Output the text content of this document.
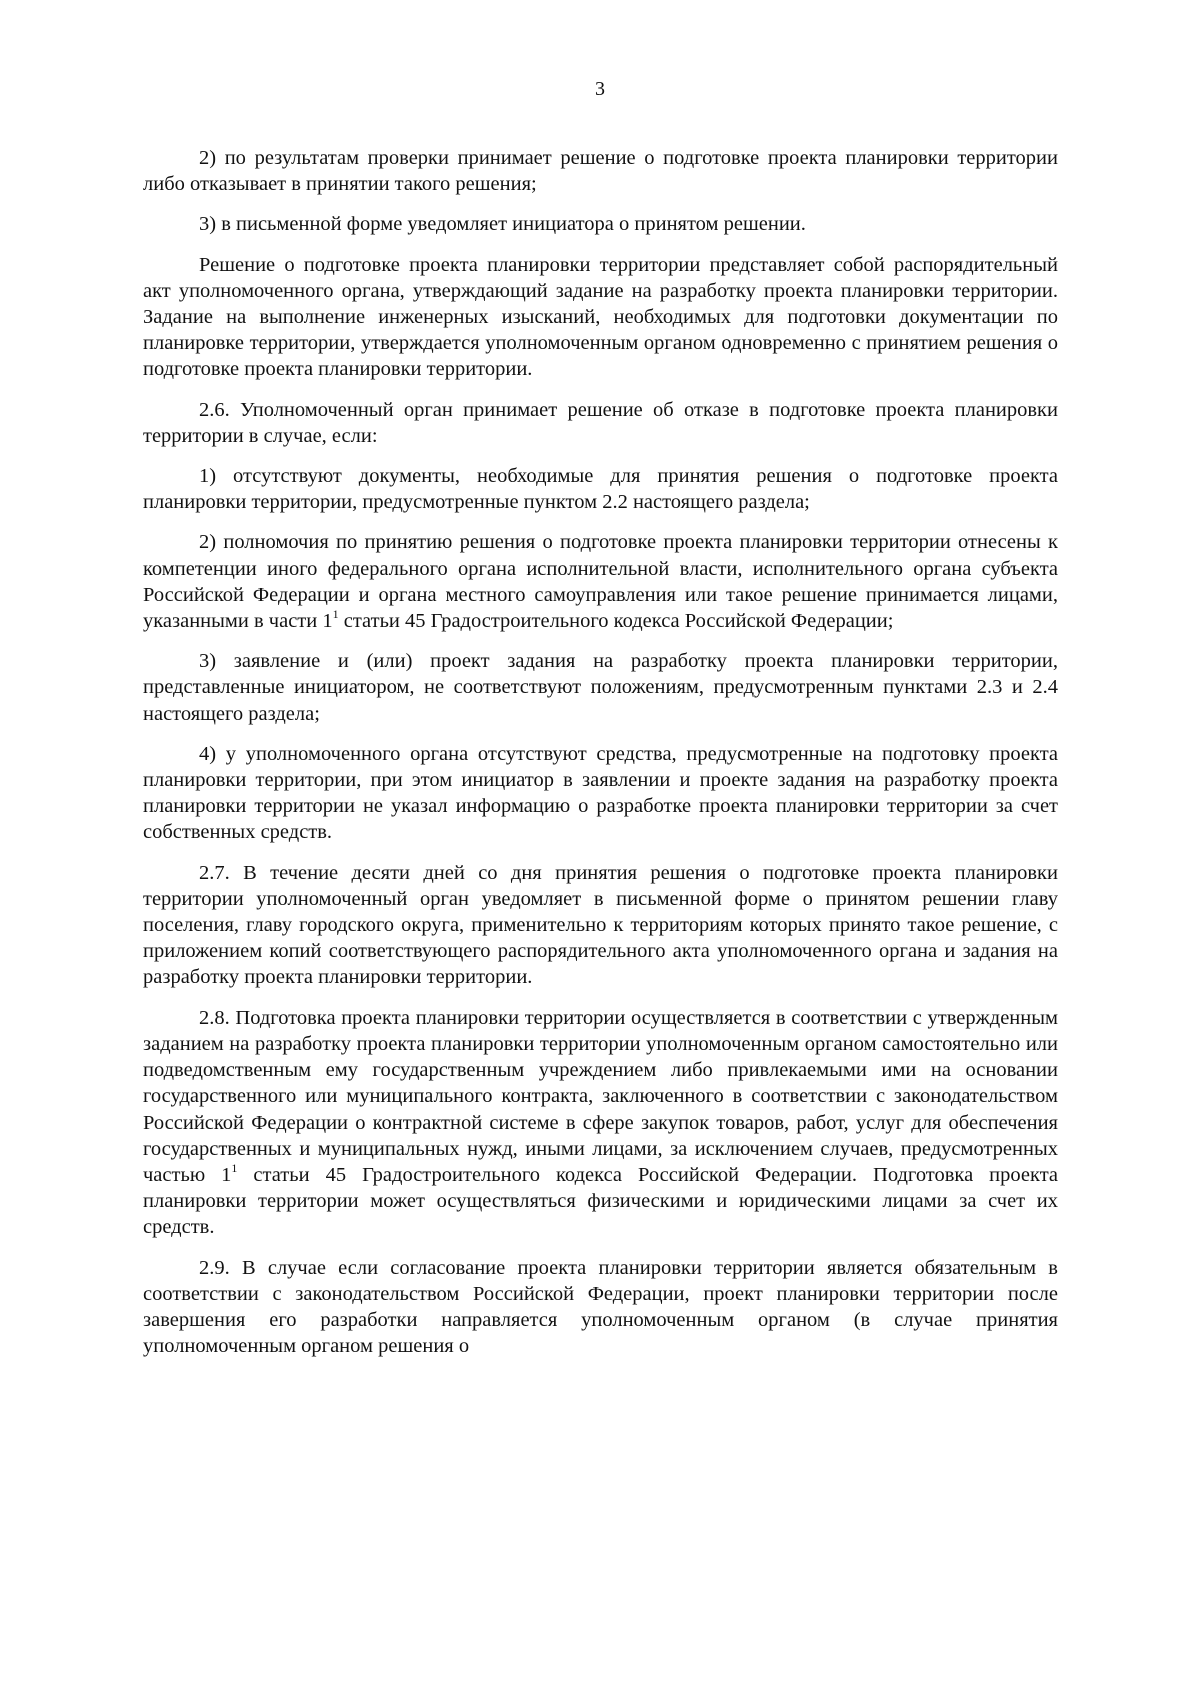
3

2) по результатам проверки принимает решение о подготовке проекта планировки территории либо отказывает в принятии такого решения;

3) в письменной форме уведомляет инициатора о принятом решении.

Решение о подготовке проекта планировки территории представляет собой распорядительный акт уполномоченного органа, утверждающий задание на разработку проекта планировки территории. Задание на выполнение инженерных изысканий, необходимых для подготовки документации по планировке территории, утверждается уполномоченным органом одновременно с принятием решения о подготовке проекта планировки территории.

2.6. Уполномоченный орган принимает решение об отказе в подготовке проекта планировки территории в случае, если:

1) отсутствуют документы, необходимые для принятия решения о подготовке проекта планировки территории, предусмотренные пунктом 2.2 настоящего раздела;

2) полномочия по принятию решения о подготовке проекта планировки территории отнесены к компетенции иного федерального органа исполнительной власти, исполнительного органа субъекта Российской Федерации и органа местного самоуправления или такое решение принимается лицами, указанными в части $1^1$ статьи 45 Градостроительного кодекса Российской Федерации;

3) заявление и (или) проект задания на разработку проекта планировки территории, представленные инициатором, не соответствуют положениям, предусмотренным пунктами 2.3 и 2.4 настоящего раздела;

4) у уполномоченного органа отсутствуют средства, предусмотренные на подготовку проекта планировки территории, при этом инициатор в заявлении и проекте задания на разработку проекта планировки территории не указал информацию о разработке проекта планировки территории за счет собственных средств.

2.7. В течение десяти дней со дня принятия решения о подготовке проекта планировки территории уполномоченный орган уведомляет в письменной форме о принятом решении главу поселения, главу городского округа, применительно к территориям которых принято такое решение, с приложением копий соответствующего распорядительного акта уполномоченного органа и задания на разработку проекта планировки территории.

2.8. Подготовка проекта планировки территории осуществляется в соответствии с утвержденным заданием на разработку проекта планировки территории уполномоченным органом самостоятельно или подведомственным ему государственным учреждением либо привлекаемыми ими на основании государственного или муниципального контракта, заключенного в соответствии с законодательством Российской Федерации о контрактной системе в сфере закупок товаров, работ, услуг для обеспечения государственных и муниципальных нужд, иными лицами, за исключением случаев, предусмотренных частью $1^1$ статьи 45 Градостроительного кодекса Российской Федерации. Подготовка проекта планировки территории может осуществляться физическими и юридическими лицами за счет их средств.

2.9. В случае если согласование проекта планировки территории является обязательным в соответствии с законодательством Российской Федерации, проект планировки территории после завершения его разработки направляется уполномоченным органом (в случае принятия уполномоченным органом решения о
